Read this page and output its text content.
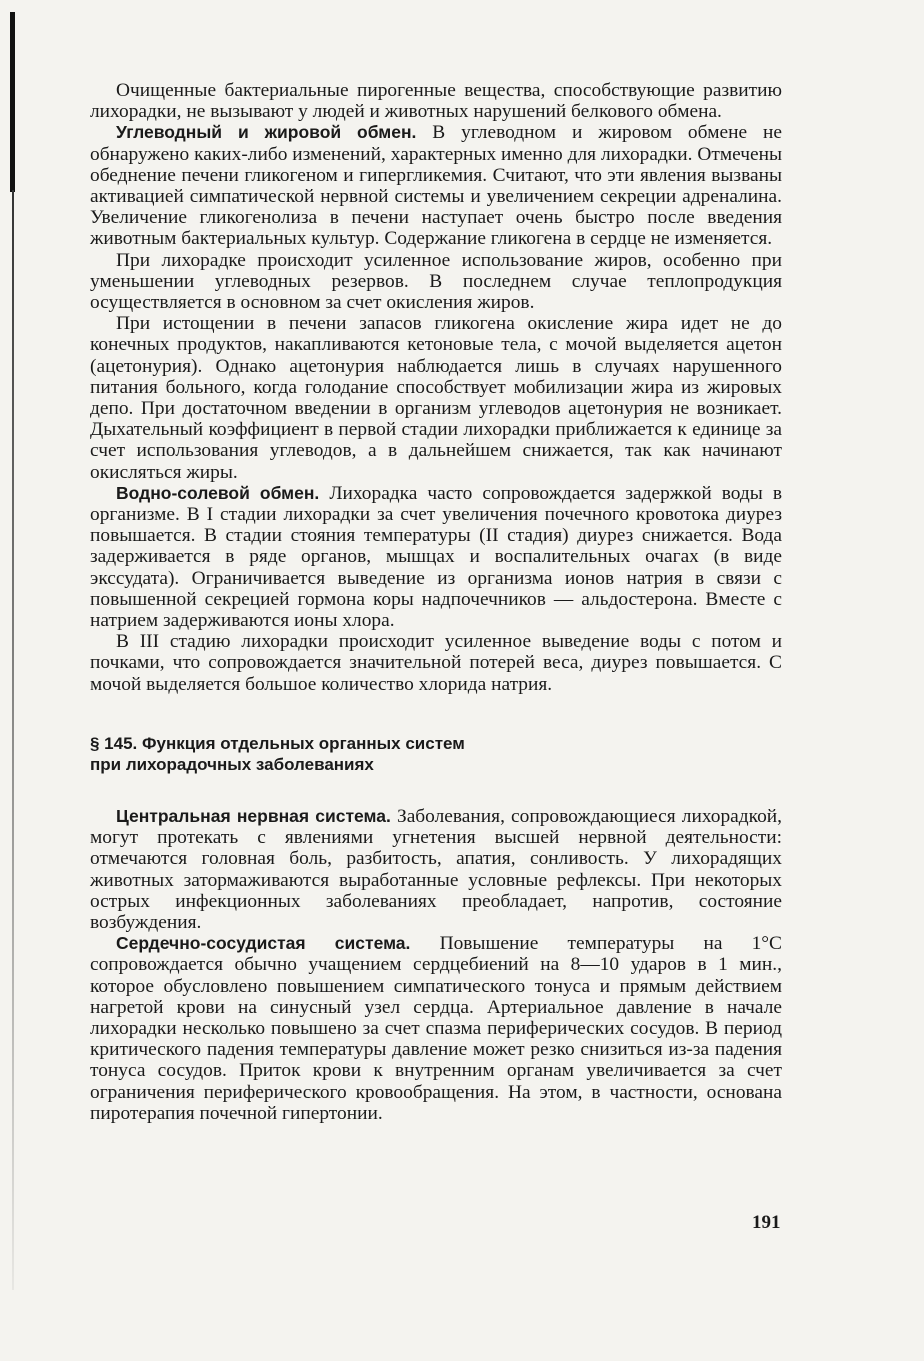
Очищенные бактериальные пирогенные вещества, способствующие развитию лихорадки, не вызывают у людей и животных нарушений белкового обмена.

Углеводный и жировой обмен. В углеводном и жировом обмене не обнаружено каких-либо изменений, характерных именно для лихорадки. Отмечены обеднение печени гликогеном и гипергликемия. Считают, что эти явления вызваны активацией симпатической нервной системы и увеличением секреции адреналина. Увеличение гликогенолиза в печени наступает очень быстро после введения животным бактериальных культур. Содержание гликогена в сердце не изменяется.

При лихорадке происходит усиленное использование жиров, особенно при уменьшении углеводных резервов. В последнем случае теплопродукция осуществляется в основном за счет окисления жиров.

При истощении в печени запасов гликогена окисление жира идет не до конечных продуктов, накапливаются кетоновые тела, с мочой выделяется ацетон (ацетонурия). Однако ацетонурия наблюдается лишь в случаях нарушенного питания больного, когда голодание способствует мобилизации жира из жировых депо. При достаточном введении в организм углеводов ацетонурия не возникает. Дыхательный коэффициент в первой стадии лихорадки приближается к единице за счет использования углеводов, а в дальнейшем снижается, так как начинают окисляться жиры.

Водно-солевой обмен. Лихорадка часто сопровождается задержкой воды в организме. В I стадии лихорадки за счет увеличения почечного кровотока диурез повышается. В стадии стояния температуры (II стадия) диурез снижается. Вода задерживается в ряде органов, мышцах и воспалительных очагах (в виде экссудата). Ограничивается выведение из организма ионов натрия в связи с повышенной секрецией гормона коры надпочечников — альдостерона. Вместе с натрием задерживаются ионы хлора.

В III стадию лихорадки происходит усиленное выведение воды с потом и почками, что сопровождается значительной потерей веса, диурез повышается. С мочой выделяется большое количество хлорида натрия.

§ 145. Функция отдельных органных систем
при лихорадочных заболеваниях

Центральная нервная система. Заболевания, сопровождающиеся лихорадкой, могут протекать с явлениями угнетения высшей нервной деятельности: отмечаются головная боль, разбитость, апатия, сонливость. У лихорадящих животных затормаживаются выработанные условные рефлексы. При некоторых острых инфекционных заболеваниях преобладает, напротив, состояние возбуждения.

Сердечно-сосудистая система. Повышение температуры на 1°С сопровождается обычно учащением сердцебиений на 8—10 ударов в 1 мин., которое обусловлено повышением симпатического тонуса и прямым действием нагретой крови на синусный узел сердца. Артериальное давление в начале лихорадки несколько повышено за счет спазма периферических сосудов. В период критического падения температуры давление может резко снизиться из-за падения тонуса сосудов. Приток крови к внутренним органам увеличивается за счет ограничения периферического кровообращения. На этом, в частности, основана пиротерапия почечной гипертонии.

191
